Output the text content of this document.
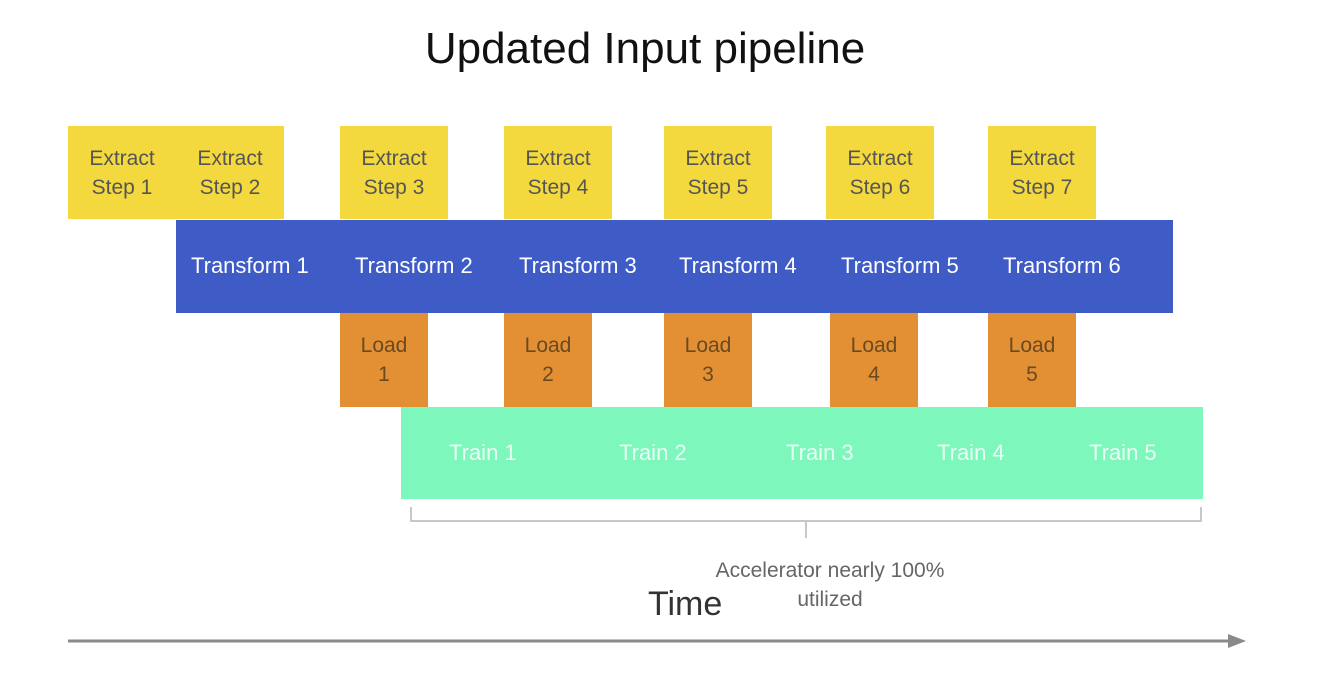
Updated Input pipeline
Extract
Step 1
Extract
Step 2
Extract
Step 3
Extract
Step 4
Extract
Step 5
Extract
Step 6
Extract
Step 7
Transform 1 Transform 2 Transform 3 Transform 4 Transform 5 Transform 6
Load
1
Load
2
Load
3
Load
4
Load
5
Train 1	Train 2	Train 3	Train 4	Train 5
Accelerator nearly 100%
utilized
Time
